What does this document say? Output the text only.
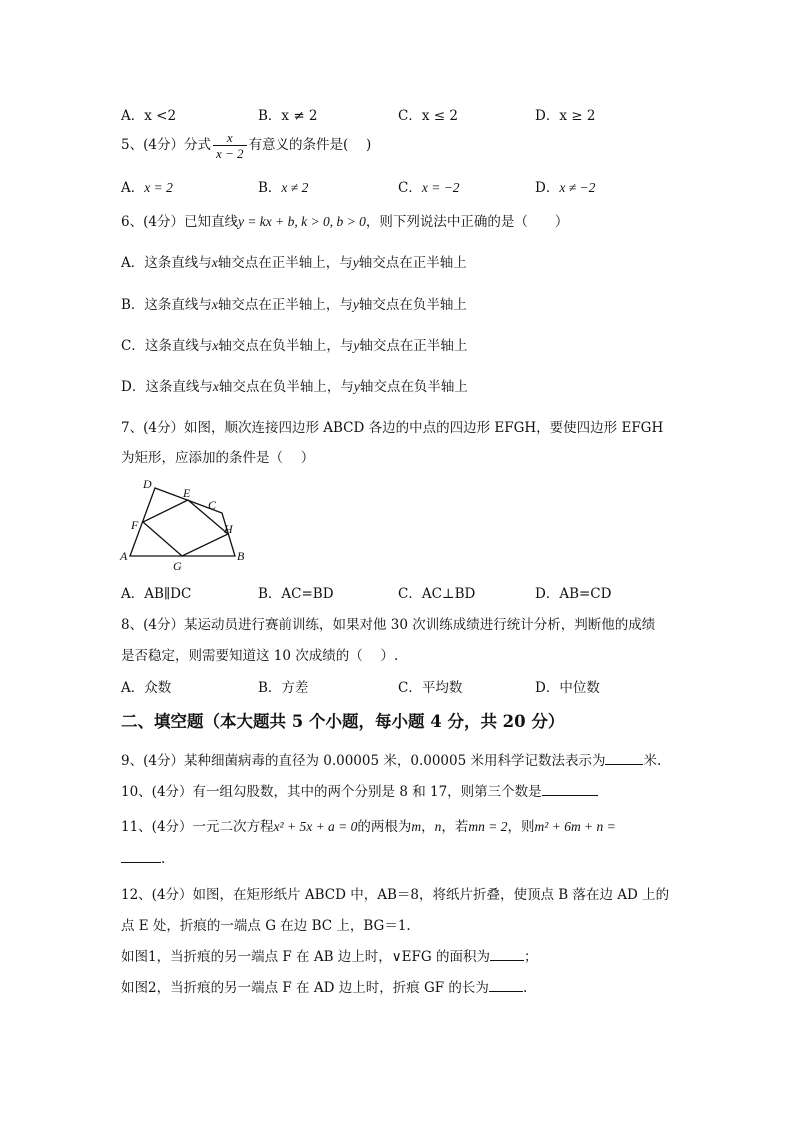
A．x <2	B．x ≠ 2	C．x ≤ 2	D．x ≥ 2
5、(4分）分式 $\frac{x}{x - 2}$ 有意义的条件是(　 )
A．x = 2	B．x ≠ 2	C．x = −2	D．x ≠ −2
6、(4分）已知直线y = kx + b, k > 0, b > 0，则下列说法中正确的是（　　）
A．这条直线与x轴交点在正半轴上，与y轴交点在正半轴上
B．这条直线与x轴交点在正半轴上，与y轴交点在负半轴上
C．这条直线与x轴交点在负半轴上，与y轴交点在正半轴上
D．这条直线与x轴交点在负半轴上，与y轴交点在负半轴上
7、(4分）如图，顺次连接四边形 ABCD 各边的中点的四边形 EFGH，要使四边形 EFGH
为矩形，应添加的条件是（　 ）
D
E
C
F	H
A
G
B
A．AB∥DC	B．AC=BD	C．AC⊥BD	D．AB=CD
8、(4分）某运动员进行赛前训练，如果对他 30 次训练成绩进行统计分析，判断他的成绩
是否稳定，则需要知道这 10 次成绩的（　 ）.
A．众数	B．方差	C．平均数	D．中位数
二、填空题（本大题共 5 个小题，每小题 4 分，共 20 分）
9、(4分）某种细菌病毒的直径为 0.00005 米，0.00005 米用科学记数法表示为	米.
10、(4分）有一组勾股数，其中的两个分别是 8 和 17，则第三个数是
11、(4分）一元二次方程x² + 5x + a = 0的两根为m，n，若mn = 2，则m² + 6m + n =
.
12、(4分）如图，在矩形纸片 ABCD 中，AB＝8，将纸片折叠，使顶点 B 落在边 AD 上的
点 E 处，折痕的一端点 G 在边 BC 上，BG＝1.
如图1，当折痕的另一端点 F 在 AB 边上时，∨EFG 的面积为	；
如图2，当折痕的另一端点 F 在 AD 边上时，折痕 GF 的长为	.
